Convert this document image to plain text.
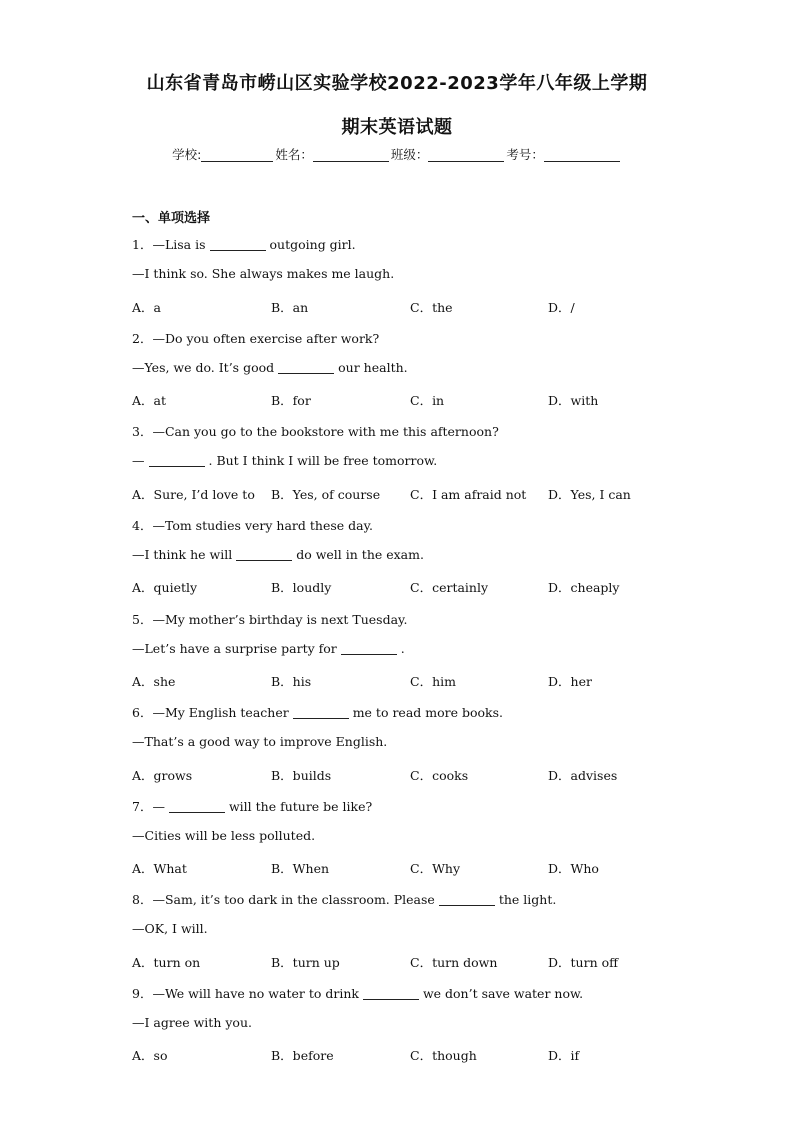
山东省青岛市崂山区实验学校2022-2023学年八年级上学期
期末英语试题
学校:	姓名：	班级：	考号：
一、单项选择
1．—Lisa is	outgoing girl.
—I think so. She always makes me laugh.
A．a	B．an	C．the	D．/
2．—Do you often exercise after work?
—Yes, we do. It’s good	our health.
A．at	B．for	C．in	D．with
3．—Can you go to the bookstore with me this afternoon?
—	. But I think I will be free tomorrow.
A．Sure, I’d love to B．Yes, of course C．I am afraid not D．Yes, I can
4．—Tom studies very hard these day.
—I think he will	do well in the exam.
A．quietly	B．loudly	C．certainly	D．cheaply
5．—My mother’s birthday is next Tuesday.
—Let’s have a surprise party for	.
A．she	B．his	C．him	D．her
6．—My English teacher	me to read more books.
—That’s a good way to improve English.
A．grows	B．builds	C．cooks	D．advises
7．—	will the future be like?
—Cities will be less polluted.
A．What	B．When	C．Why	D．Who
8．—Sam, it’s too dark in the classroom. Please	the light.
—OK, I will.
A．turn on	B．turn up	C．turn down	D．turn off
9．—We will have no water to drink	we don’t save water now.
—I agree with you.
A．so	B．before	C．though	D．if
